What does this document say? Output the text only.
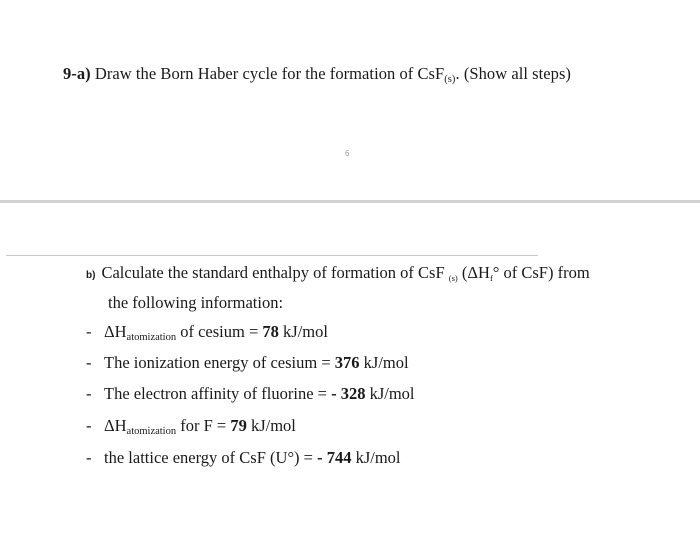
9-a) Draw the Born Haber cycle for the formation of CsF$_{(s)}$. (Show all steps)
6
b) Calculate the standard enthalpy of formation of CsF (s) (ΔHf° of CsF) from
the following information:
- ΔHatomization of cesium = 78 kJ/mol
- The ionization energy of cesium = 376 kJ/mol
- The electron affinity of fluorine = - 328 kJ/mol
- ΔHatomization for F = 79 kJ/mol
- the lattice energy of CsF (U°) = - 744 kJ/mol
